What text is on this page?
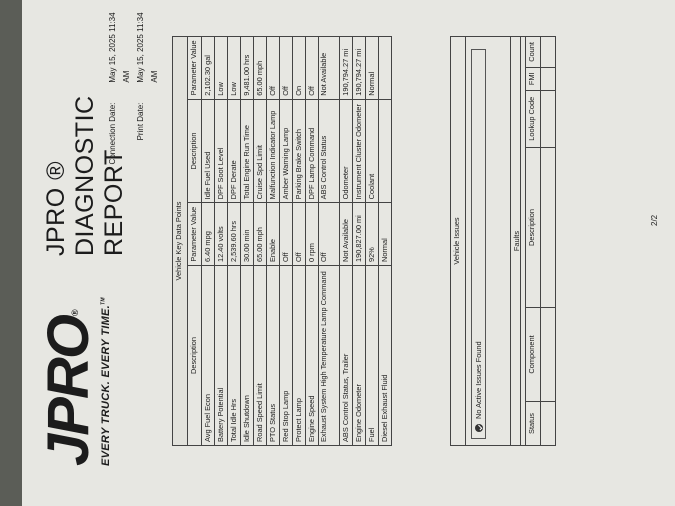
JPRO®	EVERY TRUCK. EVERY TIME.™
JPRO ® DIAGNOSTIC REPORT
Connection Date:
May 15, 2025 11:34 AM
Print Date:
May 15, 2025 11:34 AM
Vehicle Key Data Points			
Description	Parameter Value	Description	Parameter Value
Avg Fuel Econ	6.40 mpg	Idle Fuel Used	2,102.30 gal
Battery Potential	12.40 volts	DPF Soot Level	Low
Total Idle Hrs	2,539.60 hrs	DPF Derate	Low
Idle Shutdown	30.00 min	Total Engine Run Time	9,481.00 hrs
Road Speed Limit	65.00 mph	Cruise Spd Limit	65.00 mph
PTO Status	Enable	Malfunction Indicator Lamp	Off
Red Stop Lamp	Off	Amber Warning Lamp	Off
Protect Lamp	Off	Parking Brake Switch	On
Engine Speed	0 rpm	DPF Lamp Command	Off
Exhaust System High Temperature Lamp Command	Off	ABS Control Status	Not Available
ABS Control Status, Trailer	Not Available	Odometer	190,794.27 mi
Engine Odometer	190,827.00 mi	Instrument Cluster Odometer	190,794.27 mi
Fuel	92%	Coolant	Normal
Diesel Exhaust Fluid	Normal			Vehicle Issues

No Active Issues Found
Faults					
Status	Component	Description	Lookup Code	FMI	Count

2/2
